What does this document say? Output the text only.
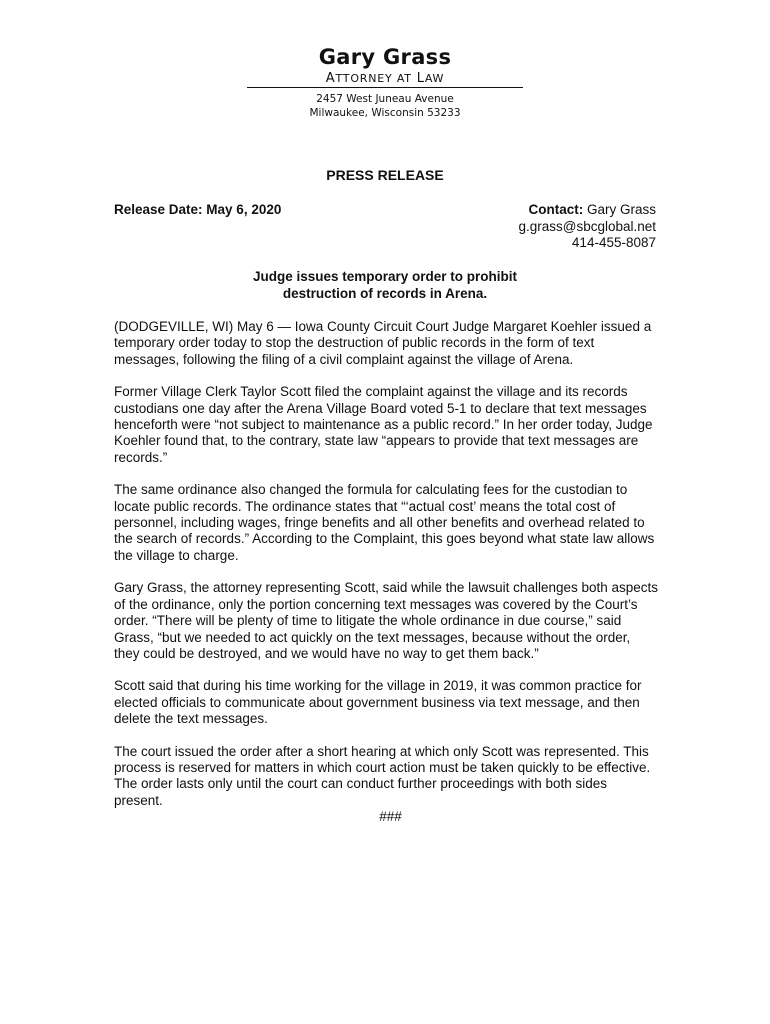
Gary Grass
ATTORNEY AT LAW
2457 West Juneau Avenue
Milwaukee, Wisconsin 53233
PRESS RELEASE
Release Date: May 6, 2020	Contact: Gary Grass
g.grass@sbcglobal.net
414-455-8087
Judge issues temporary order to prohibit
destruction of records in Arena.

(DODGEVILLE, WI) May 6 — Iowa County Circuit Court Judge Margaret Koehler issued a temporary order today to stop the destruction of public records in the form of text messages, following the filing of a civil complaint against the village of Arena.

Former Village Clerk Taylor Scott filed the complaint against the village and its records custodians one day after the Arena Village Board voted 5-1 to declare that text messages henceforth were “not subject to maintenance as a public record.” In her order today, Judge Koehler found that, to the contrary, state law “appears to provide that text messages are records.”

The same ordinance also changed the formula for calculating fees for the custodian to locate public records. The ordinance states that “‘actual cost’ means the total cost of personnel, including wages, fringe benefits and all other benefits and overhead related to the search of records.” According to the Complaint, this goes beyond what state law allows the village to charge.

Gary Grass, the attorney representing Scott, said while the lawsuit challenges both aspects of the ordinance, only the portion concerning text messages was covered by the Court’s order. “There will be plenty of time to litigate the whole ordinance in due course,” said Grass, “but we needed to act quickly on the text messages, because without the order, they could be destroyed, and we would have no way to get them back.”

Scott said that during his time working for the village in 2019, it was common practice for elected officials to communicate about government business via text message, and then delete the text messages.

The court issued the order after a short hearing at which only Scott was represented. This process is reserved for matters in which court action must be taken quickly to be effective. The order lasts only until the court can conduct further proceedings with both sides present.

###
